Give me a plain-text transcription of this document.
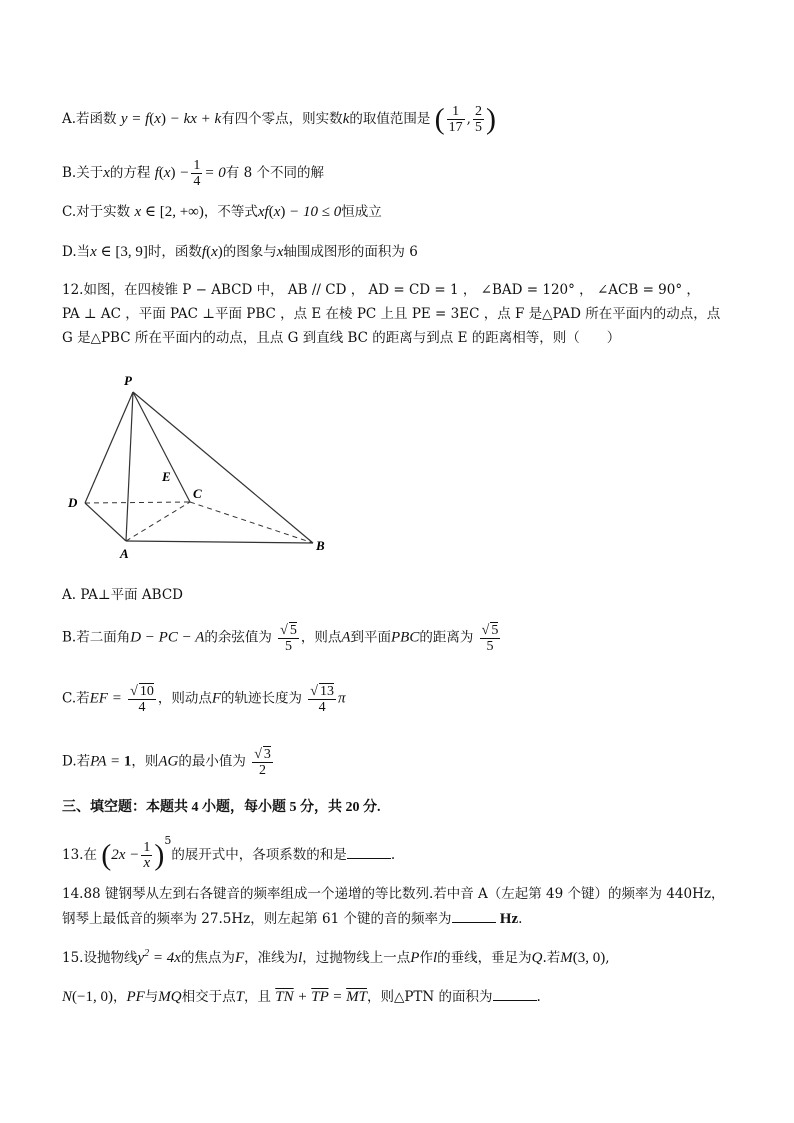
A.若函数 y = f(x) − kx + k有四个零点，则实数k的取值范围是 ( $\frac{1}{17}$ , $\frac{2}{5}$ )
B.关于x的方程 $f(x) - \frac{1}{4} = 0$有 8 个不同的解
C.对于实数 x ∈ [2, +∞)，不等式xf(x) − 10 ≤ 0恒成立
D.当x ∈ [3, 9]时，函数f(x)的图象与x轴围成图形的面积为 6
12.如图，在四棱锥 P − ABCD 中， AB // CD ， AD = CD = 1 ， ∠BAD = 120° ， ∠ACB = 90° ，
PA ⊥ AC ，平面 PAC ⊥平面 PBC ，点 E 在棱 PC 上且 PE = 3EC ，点 F 是△PAD 所在平面内的动点，点
G 是△PBC 所在平面内的动点，且点 G 到直线 BC 的距离与到点 E 的距离相等，则（　　）
P
E
C
D
A
B
A. PA⊥平面 ABCD
B.若二面角D − PC − A的余弦值为 $\frac{√ 5}{5}$ ，则点A到平面PBC的距离为 $\frac{√ 5}{5}$
C.若EF = $\frac{√ 10}{4}$ ，则动点F的轨迹长度为 $\frac{√ 13}{4}$ π
D.若PA = 1，则AG的最小值为 $\frac{√ 3}{2}$
三、填空题：本题共 4 小题，每小题 5 分，共 20 分.
13.在 $(2x - \frac{1}{x} )^5$的展开式中，各项系数的和是	.
14.88 键钢琴从左到右各键音的频率组成一个递增的等比数列.若中音 A（左起第 49 个键）的频率为 440Hz，
钢琴上最低音的频率为 27.5Hz，则左起第 61 个键的音的频率为	Hz.
15.设抛物线$y^2 = 4x$的焦点为F，准线为l，过抛物线上一点P作l的垂线，垂足为Q.若M(3, 0),
N(−1, 0)，PF与MQ相交于点T，且 $\overline{TN} + \overline{TP} = \overline{MT}$，则△PTN 的面积为	.
